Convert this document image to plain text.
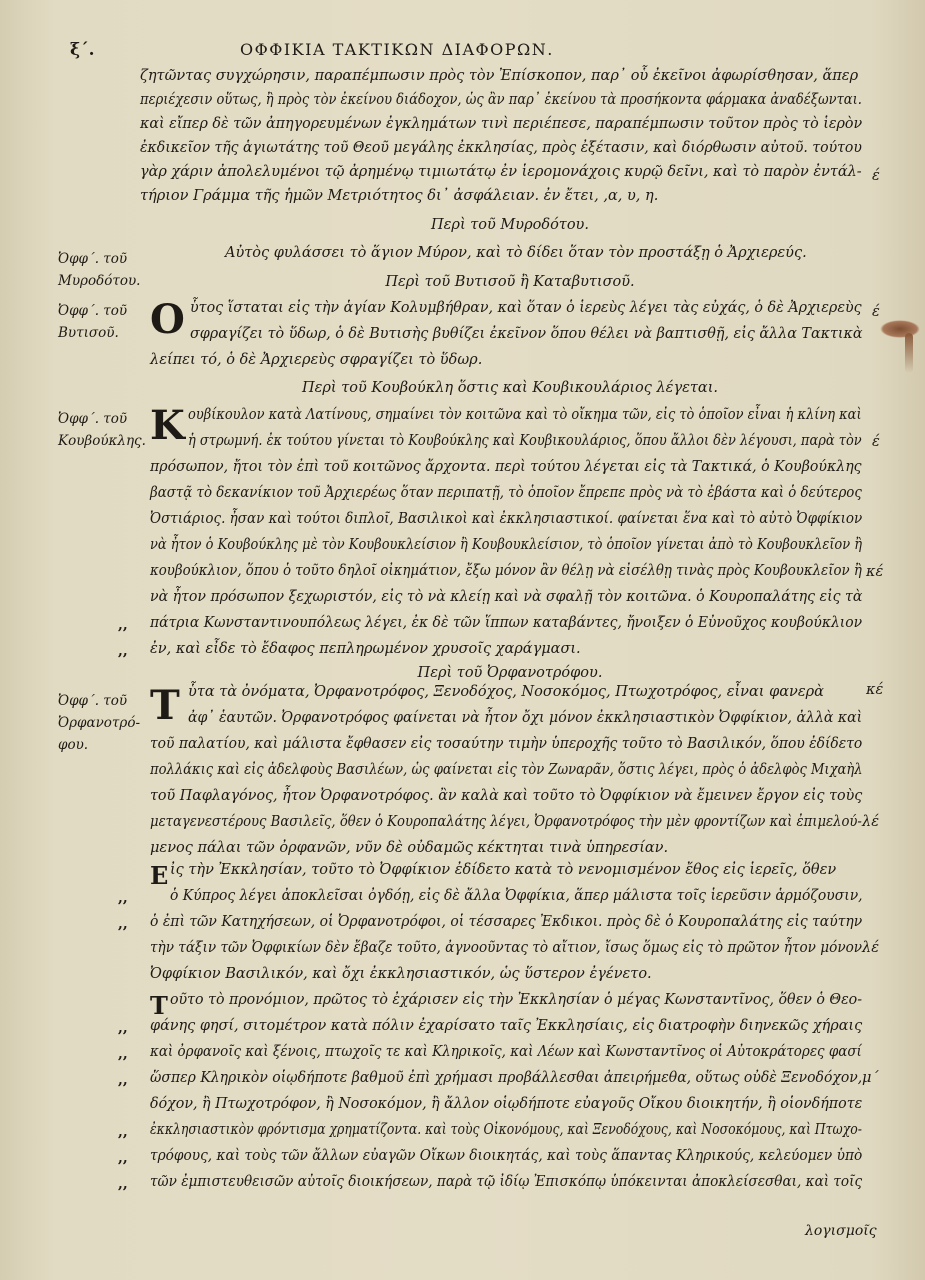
ξ´.	ΟΦΦΙΚΙΑ ΤΑΚΤΙΚΩΝ ΔΙΑΦΟΡΩΝ.
ζητῶντας συγχώρησιν, παραπέμπωσιν πρὸς τὸν Ἐπίσκοπον, παρ᾽ οὗ ἐκεῖνοι ἀφωρίσθησαν, ἅπερ
περιέχεσιν οὕτως, ἢ πρὸς τὸν ἐκείνου διάδοχον, ὡς ἂν παρ᾽ ἐκείνου τὰ προσήκοντα φάρμακα ἀναδέξωνται.
καὶ εἴπερ δὲ τῶν ἀπηγορευμένων ἐγκλημάτων τινὶ περιέπεσε, παραπέμπωσιν τοῦτον πρὸς τὸ ἱερὸν
ἐκδικεῖον τῆς ἁγιωτάτης τοῦ Θεοῦ μεγάλης ἐκκλησίας, πρὸς ἐξέτασιν, καὶ διόρθωσιν αὐτοῦ. τούτου
γὰρ χάριν ἀπολελυμένοι τῷ ἀρημένῳ τιμιωτάτῳ ἐν ἱερομονάχοις κυρῷ δεῖνι, καὶ τὸ παρὸν ἐντάλ-
τήριον Γράμμα τῆς ἡμῶν Μετριότητος δι᾽ ἀσφάλειαν. ἐν ἔτει, ,α, υ, η.
Περὶ τοῦ Μυροδότου.
Ὀφφ΄. τοῦ
Μυροδότου.
Αὐτὸς φυλάσσει τὸ ἅγιον Μύρον, καὶ τὸ δίδει ὅταν τὸν προστάξῃ ὁ Ἀρχιερεύς.
Περὶ τοῦ Βυτισοῦ ἢ Καταβυτισοῦ.
Ὀφφ΄. τοῦ
Βυτισοῦ. Ο ὗτος ἵσταται εἰς τὴν ἁγίαν Κολυμβήθραν, καὶ ὅταν ὁ ἱερεὺς λέγει τὰς εὐχάς, ὁ δὲ Ἀρχιερεὺς
σφραγίζει τὸ ὕδωρ, ὁ δὲ Βυτισὴς βυθίζει ἐκεῖνον ὅπου θέλει νὰ βαπτισθῇ, εἰς ἄλλα Τακτικὰ
λείπει τό, ὁ δὲ Ἀρχιερεὺς σφραγίζει τὸ ὕδωρ.
Περὶ τοῦ Κουβούκλη ὅστις καὶ Κουβικουλάριος λέγεται.
Ὀφφ΄. τοῦ
Κουβούκλης. Κ ουβίκουλον κατὰ Λατίνους, σημαίνει τὸν κοιτῶνα καὶ τὸ οἴκημα τῶν, εἰς τὸ ὁποῖον εἶναι ἡ κλίνη καὶ
ἡ στρωμνή. ἐκ τούτου γίνεται τὸ Κουβούκλης καὶ Κουβικουλάριος, ὅπου ἄλλοι δὲν λέγουσι, παρὰ τὸν
πρόσωπον, ἤτοι τὸν ἐπὶ τοῦ κοιτῶνος ἄρχοντα. περὶ τούτου λέγεται εἰς τὰ Τακτικά, ὁ Κουβούκλης
βαστᾷ τὸ δεκανίκιον τοῦ Ἀρχιερέως ὅταν περιπατῇ, τὸ ὁποῖον ἔπρεπε πρὸς νὰ τὸ ἐβάστα καὶ ὁ δεύτερος
Ὀστιάριος. ἦσαν καὶ τούτοι διπλοῖ, Βασιλικοὶ καὶ ἐκκλησιαστικοί. φαίνεται ἕνα καὶ τὸ αὐτὸ Ὀφφίκιον
νὰ ἦτον ὁ Κουβούκλης μὲ τὸν Κουβουκλείσιον ἢ Κουβουκλείσιον, τὸ ὁποῖον γίνεται ἀπὸ τὸ Κουβουκλεῖον ἢ
κουβούκλιον, ὅπου ὁ τοῦτο δηλοῖ οἰκημάτιον, ἔξω μόνον ἂν θέλῃ νὰ εἰσέλθῃ τινὰς πρὸς Κουβουκλεῖον ἢ
νὰ ἦτον πρόσωπον ξεχωριστόν, εἰς τὸ νὰ κλείῃ καὶ νὰ σφαλῇ τὸν κοιτῶνα. ὁ Κουροπαλάτης εἰς τὰ
πάτρια Κωνσταντινουπόλεως λέγει, ἐκ δὲ τῶν ἵππων καταβάντες, ἤνοιξεν ὁ Εὐνοῦχος κουβούκλιον
ἐν, καὶ εἶδε τὸ ἔδαφος πεπληρωμένον χρυσοῖς χαράγμασι.
,,
,,
Περὶ τοῦ Ὀρφανοτρόφου.
Ὀφφ΄. τοῦ
Ὀρφανοτρό-
φου.
Τ ὗτα τὰ ὀνόματα, Ὀρφανοτρόφος, Ξενοδόχος, Νοσοκόμος, Πτωχοτρόφος, εἶναι φανερὰ
ἀφ᾽ ἑαυτῶν. Ὀρφανοτρόφος φαίνεται νὰ ἦτον ὄχι μόνον ἐκκλησιαστικὸν Ὀφφίκιον, ἀλλὰ καὶ
τοῦ παλατίου, καὶ μάλιστα ἔφθασεν εἰς τοσαύτην τιμὴν ὑπεροχῆς τοῦτο τὸ Βασιλικόν, ὅπου ἐδίδετο
πολλάκις καὶ εἰς ἀδελφοὺς Βασιλέων, ὡς φαίνεται εἰς τὸν Ζωναρᾶν, ὅστις λέγει, πρὸς ὁ ἀδελφὸς Μιχαὴλ
τοῦ Παφλαγόνος, ἦτον Ὀρφανοτρόφος. ἂν καλὰ καὶ τοῦτο τὸ Ὀφφίκιον νὰ ἔμεινεν ἔργον εἰς τοὺς
μεταγενεστέρους Βασιλεῖς, ὅθεν ὁ Κουροπαλάτης λέγει, Ὀρφανοτρόφος τὴν μὲν φροντίζων καὶ ἐπιμελού-
μενος πάλαι τῶν ὀρφανῶν, νῦν δὲ οὐδαμῶς κέκτηται τινὰ ὑπηρεσίαν.
Ε ἰς τὴν Ἐκκλησίαν, τοῦτο τὸ Ὀφφίκιον ἐδίδετο κατὰ τὸ νενομισμένον ἔθος εἰς ἱερεῖς, ὅθεν
ὁ Κύπρος λέγει ἀποκλεῖσαι ὀγδόῃ, εἰς δὲ ἄλλα Ὀφφίκια, ἅπερ μάλιστα τοῖς ἱερεῦσιν ἁρμόζουσιν,
ὁ ἐπὶ τῶν Κατηχήσεων, οἱ Ὀρφανοτρόφοι, οἱ τέσσαρες Ἐκδικοι. πρὸς δὲ ὁ Κουροπαλάτης εἰς ταύτην
τὴν τάξιν τῶν Ὀφφικίων δὲν ἔβαζε τοῦτο, ἀγνοοῦντας τὸ αἴτιον, ἴσως ὅμως εἰς τὸ πρῶτον ἦτον μόνον
Ὀφφίκιον Βασιλικόν, καὶ ὄχι ἐκκλησιαστικόν, ὡς ὕστερον ἐγένετο.
,,
,,
Τ οῦτο τὸ προνόμιον, πρῶτος τὸ ἐχάρισεν εἰς τὴν Ἐκκλησίαν ὁ μέγας Κωνσταντῖνος, ὅθεν ὁ Θεο-
φάνης φησί, σιτομέτρον κατὰ πόλιν ἐχαρίσατο ταῖς Ἐκκλησίαις, εἰς διατροφὴν διηνεκῶς χήραις
καὶ ὀρφανοῖς καὶ ξένοις, πτωχοῖς τε καὶ Κληρικοῖς, καὶ Λέων καὶ Κωνσταντῖνος οἱ Αὐτοκράτορες φασί
ὥσπερ Κληρικὸν οἱῳδήποτε βαθμοῦ ἐπὶ χρήμασι προβάλλεσθαι ἀπειρήμεθα, οὕτως οὐδὲ Ξενοδόχον,
δόχον, ἢ Πτωχοτρόφον, ἢ Νοσοκόμον, ἢ ἄλλον οἱῳδήποτε εὐαγοῦς Οἴκου διοικητήν, ἢ οἱονδήποτε
ἐκκλησιαστικὸν φρόντισμα χρηματίζοντα. καὶ τοὺς Οἰκονόμους, καὶ Ξενοδόχους, καὶ Νοσοκόμους, καὶ Πτωχο-
τρόφους, καὶ τοὺς τῶν ἄλλων εὐαγῶν Οἴκων διοικητάς, καὶ τοὺς ἅπαντας Κληρικούς, κελεύομεν ὑπὸ
τῶν ἐμπιστευθεισῶν αὐτοῖς διοικήσεων, παρὰ τῷ ἰδίῳ Ἐπισκόπῳ ὑπόκεινται ἀποκλείσεσθαι, καὶ τοῖς
,,
,,
,,
,,
,,
,,
έ
έ
έ
κέ
κέ
λέ
λέ
μ΄
λογισμοῖς
